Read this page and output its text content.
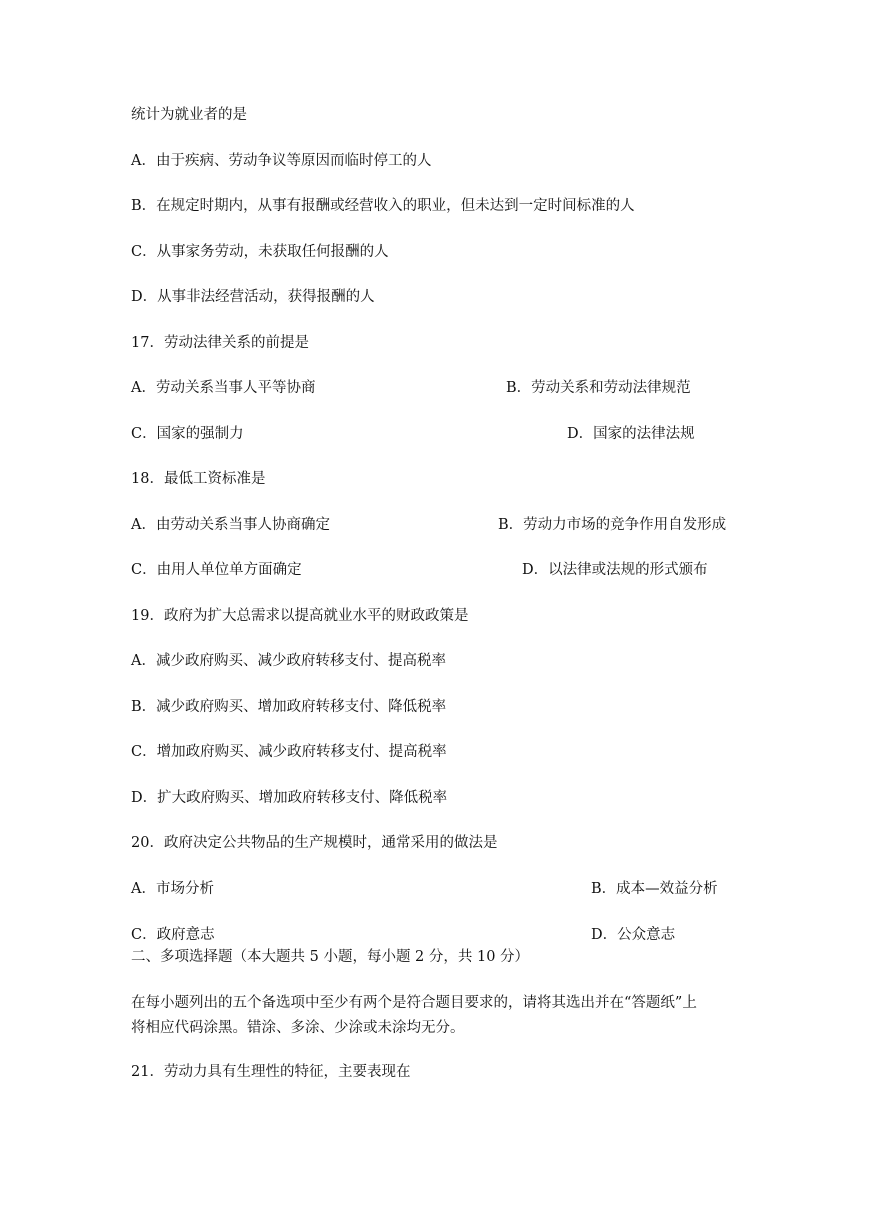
统计为就业者的是
A．由于疾病、劳动争议等原因而临时停工的人
B．在规定时期内，从事有报酬或经营收入的职业，但未达到一定时间标准的人
C．从事家务劳动，未获取任何报酬的人
D．从事非法经营活动，获得报酬的人
17．劳动法律关系的前提是
A．劳动关系当事人平等协商	B．劳动关系和劳动法律规范
C．国家的强制力	D．国家的法律法规
18．最低工资标准是
A．由劳动关系当事人协商确定	B．劳动力市场的竞争作用自发形成
C．由用人单位单方面确定	D．以法律或法规的形式颁布
19．政府为扩大总需求以提高就业水平的财政政策是
A．减少政府购买、减少政府转移支付、提高税率
B．减少政府购买、增加政府转移支付、降低税率
C．增加政府购买、减少政府转移支付、提高税率
D．扩大政府购买、增加政府转移支付、降低税率
20．政府决定公共物品的生产规模时，通常采用的做法是
A．市场分析	B．成本—效益分析
C．政府意志	D．公众意志
二、多项选择题（本大题共 5 小题，每小题 2 分，共 10 分）
在每小题列出的五个备选项中至少有两个是符合题目要求的，请将其选出并在“答题纸”上
将相应代码涂黑。错涂、多涂、少涂或未涂均无分。
21．劳动力具有生理性的特征，主要表现在
